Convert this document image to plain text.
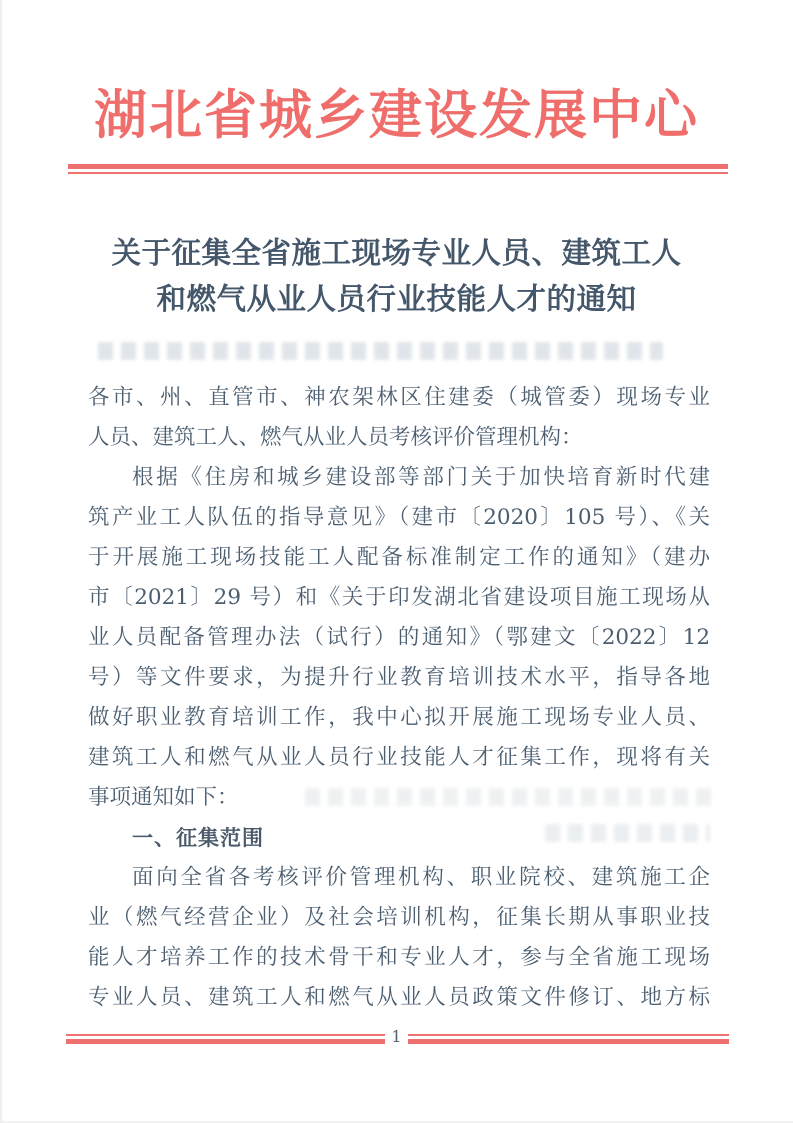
湖北省城乡建设发展中心
关于征集全省施工现场专业人员、建筑工人
和燃气从业人员行业技能人才的通知

各市、州、直管市、神农架林区住建委（城管委）现场专业

人员、建筑工人、燃气从业人员考核评价管理机构：

根据《住房和城乡建设部等部门关于加快培育新时代建

筑产业工人队伍的指导意见》（建市〔2020〕105 号）、《关

于开展施工现场技能工人配备标准制定工作的通知》（建办

市〔2021〕29 号）和《关于印发湖北省建设项目施工现场从

业人员配备管理办法（试行）的通知》（鄂建文〔2022〕12

号）等文件要求，为提升行业教育培训技术水平，指导各地

做好职业教育培训工作，我中心拟开展施工现场专业人员、

建筑工人和燃气从业人员行业技能人才征集工作，现将有关

事项通知如下：

一、征集范围

面向全省各考核评价管理机构、职业院校、建筑施工企

业（燃气经营企业）及社会培训机构，征集长期从事职业技

能人才培养工作的技术骨干和专业人才，参与全省施工现场

专业人员、建筑工人和燃气从业人员政策文件修订、地方标

1
